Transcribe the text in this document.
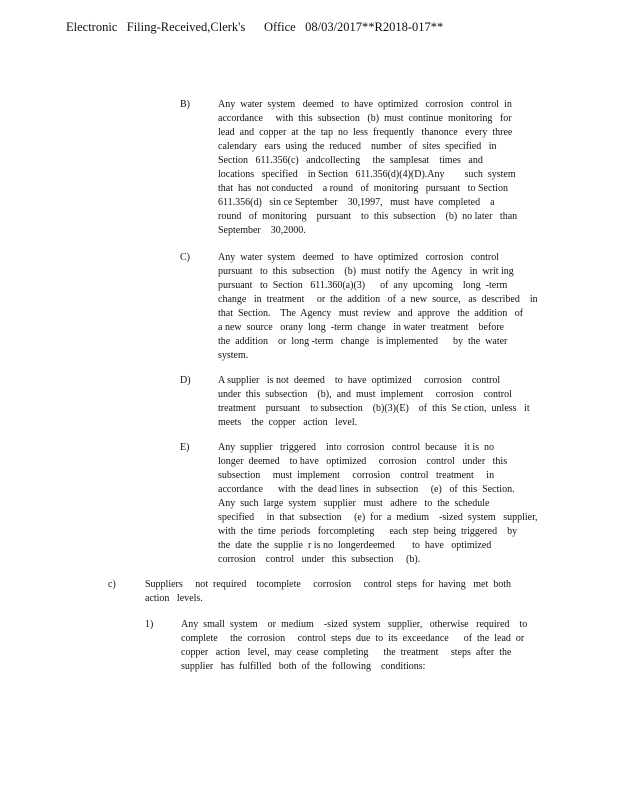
Electronic   Filing-Received,Clerk's      Office   08/03/2017**R2018-017**
B)	Any  water  system   deemed   to  have  optimized   corrosion   control  in
accordance     with  this  subsection   (b)  must  continue  monitoring   for
lead  and  copper  at  the  tap  no  less  frequently   thanonce   every  three
calendary   ears  using  the  reduced    number   of  sites  specified   in
Section   611.356(c)   andcollecting     the  samplesat    times   and
locations   specified    in Section   611.356(d)(4)(D).Any        such  system
that  has  not conducted    a round   of  monitoring   pursuant   to Section
611.356(d)   sin ce September    30,1997,   must  have  completed    a
round   of  monitoring    pursuant    to  this  subsection    (b)  no later   than
September    30,2000.
C)	Any  water  system   deemed   to  have  optimized   corrosion   control
pursuant   to  this  subsection    (b)  must  notify  the  Agency   in  writ ing
pursuant   to  Section   611.360(a)(3)      of  any  upcoming    long  -term
change   in  treatment     or  the  addition   of  a  new  source,   as  described    in
that  Section.    The  Agency   must  review   and  approve   the  addition   of
a new  source   orany  long  -term  change   in water  treatment    before
the  addition    or  long -term   change   is implemented      by  the  water
system.
D)	A supplier   is not  deemed    to  have  optimized     corrosion    control
under  this  subsection    (b),  and  must  implement     corrosion    control
treatment    pursuant    to subsection    (b)(3)(E)    of  this  Se ction,  unless   it
meets    the  copper   action   level.
E)	Any  supplier   triggered    into  corrosion   control  because   it is  no
longer  deemed    to have   optimized     corrosion    control   under   this
subsection     must  implement     corrosion    control   treatment     in
accordance      with  the  dead lines  in  subsection     (e)   of  this  Section.
Any  such  large  system   supplier   must   adhere   to  the  schedule
specified     in  that  subsection     (e)  for  a  medium    -sized  system   supplier,
with  the  time  periods   forcompleting      each  step  being  triggered    by
the  date  the  supplie  r is no  longerdeemed       to  have   optimized
corrosion    control   under   this  subsection     (b).
c)	Suppliers     not  required    tocomplete     corrosion     control  steps  for  having   met  both
action   levels.
1)	Any  small  system    or  medium    -sized  system   supplier,   otherwise   required    to
complete     the  corrosion     control  steps  due  to  its  exceedance      of  the  lead  or
copper   action   level,  may  cease  completing      the  treatment     steps  after  the
supplier   has  fulfilled   both  of  the  following    conditions:
